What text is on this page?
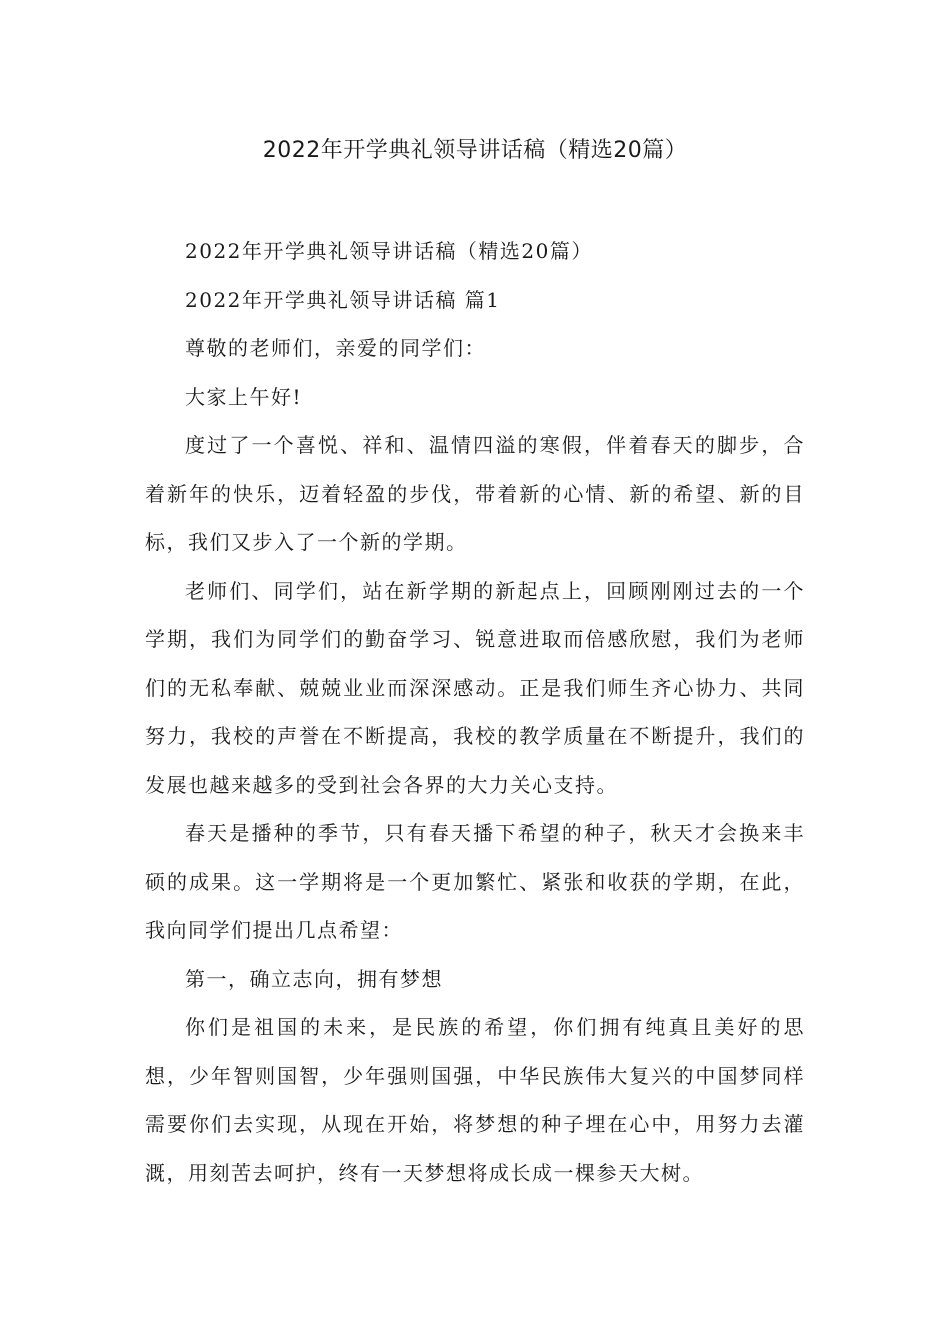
2022年开学典礼领导讲话稿（精选20篇）

2022年开学典礼领导讲话稿（精选20篇）

2022年开学典礼领导讲话稿 篇1

尊敬的老师们，亲爱的同学们：

大家上午好!

度过了一个喜悦、祥和、温情四溢的寒假，伴着春天的脚步，合着新年的快乐，迈着轻盈的步伐，带着新的心情、新的希望、新的目标，我们又步入了一个新的学期。

老师们、同学们，站在新学期的新起点上，回顾刚刚过去的一个学期，我们为同学们的勤奋学习、锐意进取而倍感欣慰，我们为老师们的无私奉献、兢兢业业而深深感动。正是我们师生齐心协力、共同努力，我校的声誉在不断提高，我校的教学质量在不断提升，我们的发展也越来越多的受到社会各界的大力关心支持。

春天是播种的季节，只有春天播下希望的种子，秋天才会换来丰硕的成果。这一学期将是一个更加繁忙、紧张和收获的学期，在此，我向同学们提出几点希望：

第一，确立志向，拥有梦想

你们是祖国的未来，是民族的希望，你们拥有纯真且美好的思想，少年智则国智，少年强则国强，中华民族伟大复兴的中国梦同样需要你们去实现，从现在开始，将梦想的种子埋在心中，用努力去灌溉，用刻苦去呵护，终有一天梦想将成长成一棵参天大树。
